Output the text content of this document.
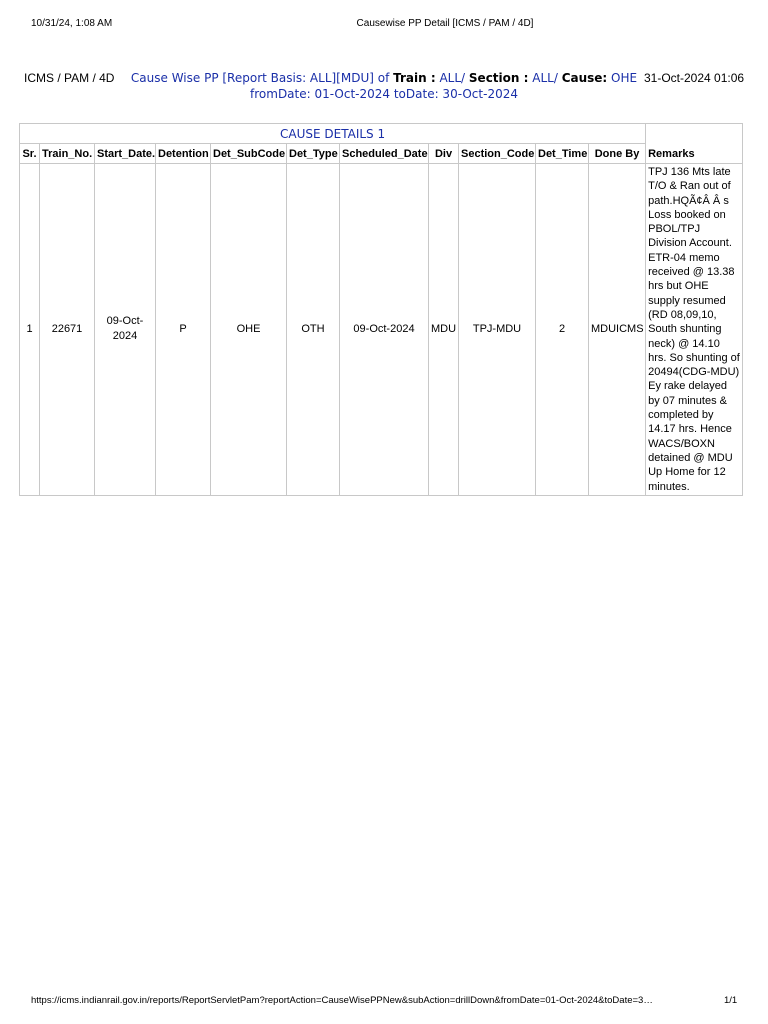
10/31/24, 1:08 AM	Causewise PP Detail [ICMS / PAM / 4D]
ICMS / PAM / 4D Cause Wise PP [Report Basis: ALL][MDU] of Train : ALL/ Section : ALL/ Cause: OHE
fromDate: 01-Oct-2024 toDate: 30-Oct-2024
31-Oct-2024 01:06
CAUSE DETAILS 1											Remarks
Sr.	Train_No.	Start_Date.	Detention	Det_SubCode	Det_Type	Scheduled_Date	Div	Section_Code	Det_Time	Done By	
1	22671	09-Oct-2024	P	OHE	OTH	09-Oct-2024	MDU	TPJ-MDU	2	MDUICMS	TPJ 136 Mts late T/O & Ran out of path.HQÃ¢Â Â s Loss booked on PBOL/TPJ Division Account. ETR-04 memo received @ 13.38 hrs but OHE supply resumed (RD 08,09,10, South shunting neck) @ 14.10 hrs. So shunting of 20494(CDG-MDU) Ey rake delayed by 07 minutes & completed by 14.17 hrs. Hence WACS/BOXN detained @ MDU Up Home for 12 minutes.
https://icms.indianrail.gov.in/reports/ReportServletPam?reportAction=CauseWisePPNew&subAction=drillDown&fromDate=01-Oct-2024&toDate=3…	1/1
